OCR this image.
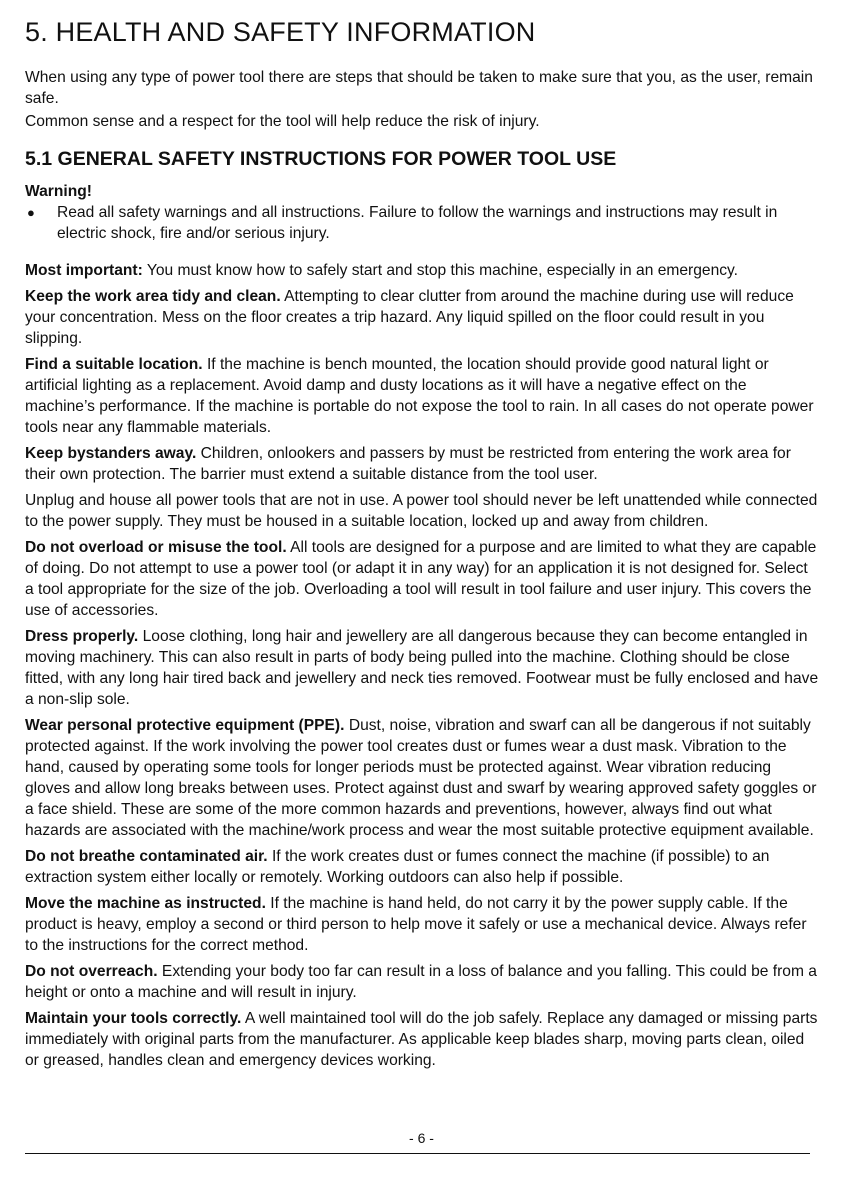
5. HEALTH AND SAFETY INFORMATION

When using any type of power tool there are steps that should be taken to make sure that you, as the user, remain safe.

Common sense and a respect for the tool will help reduce the risk of injury.

5.1 GENERAL SAFETY INSTRUCTIONS FOR POWER TOOL USE
Warning!
●	Read all safety warnings and all instructions. Failure to follow the warnings and instructions may result in electric shock, fire and/or serious injury.

Most important: You must know how to safely start and stop this machine, especially in an emergency.

Keep the work area tidy and clean. Attempting to clear clutter from around the machine during use will reduce your concentration. Mess on the floor creates a trip hazard. Any liquid spilled on the floor could result in you slipping.

Find a suitable location. If the machine is bench mounted, the location should provide good natural light or artificial lighting as a replacement. Avoid damp and dusty locations as it will have a negative effect on the machine’s performance. If the machine is portable do not expose the tool to rain. In all cases do not operate power tools near any flammable materials.

Keep bystanders away. Children, onlookers and passers by must be restricted from entering the work area for their own protection. The barrier must extend a suitable distance from the tool user.

Unplug and house all power tools that are not in use. A power tool should never be left unattended while connected to the power supply. They must be housed in a suitable location, locked up and away from children.

Do not overload or misuse the tool. All tools are designed for a purpose and are limited to what they are capable of doing. Do not attempt to use a power tool (or adapt it in any way) for an application it is not designed for. Select a tool appropriate for the size of the job. Overloading a tool will result in tool failure and user injury. This covers the use of accessories.

Dress properly. Loose clothing, long hair and jewellery are all dangerous because they can become entangled in moving machinery. This can also result in parts of body being pulled into the machine. Clothing should be close fitted, with any long hair tired back and jewellery and neck ties removed. Footwear must be fully enclosed and have a non-slip sole.

Wear personal protective equipment (PPE). Dust, noise, vibration and swarf can all be dangerous if not suitably protected against. If the work involving the power tool creates dust or fumes wear a dust mask. Vibration to the hand, caused by operating some tools for longer periods must be protected against. Wear vibration reducing gloves and allow long breaks between uses. Protect against dust and swarf by wearing approved safety goggles or a face shield. These are some of the more common hazards and preventions, however, always find out what hazards are associated with the machine/work process and wear the most suitable protective equipment available.

Do not breathe contaminated air. If the work creates dust or fumes connect the machine (if possible) to an extraction system either locally or remotely. Working outdoors can also help if possible.

Move the machine as instructed. If the machine is hand held, do not carry it by the power supply cable. If the product is heavy, employ a second or third person to help move it safely or use a mechanical device. Always refer to the instructions for the correct method.

Do not overreach. Extending your body too far can result in a loss of balance and you falling. This could be from a height or onto a machine and will result in injury.

Maintain your tools correctly. A well maintained tool will do the job safely. Replace any damaged or missing parts immediately with original parts from the manufacturer. As applicable keep blades sharp, moving parts clean, oiled or greased, handles clean and emergency devices working.

- 6 -
